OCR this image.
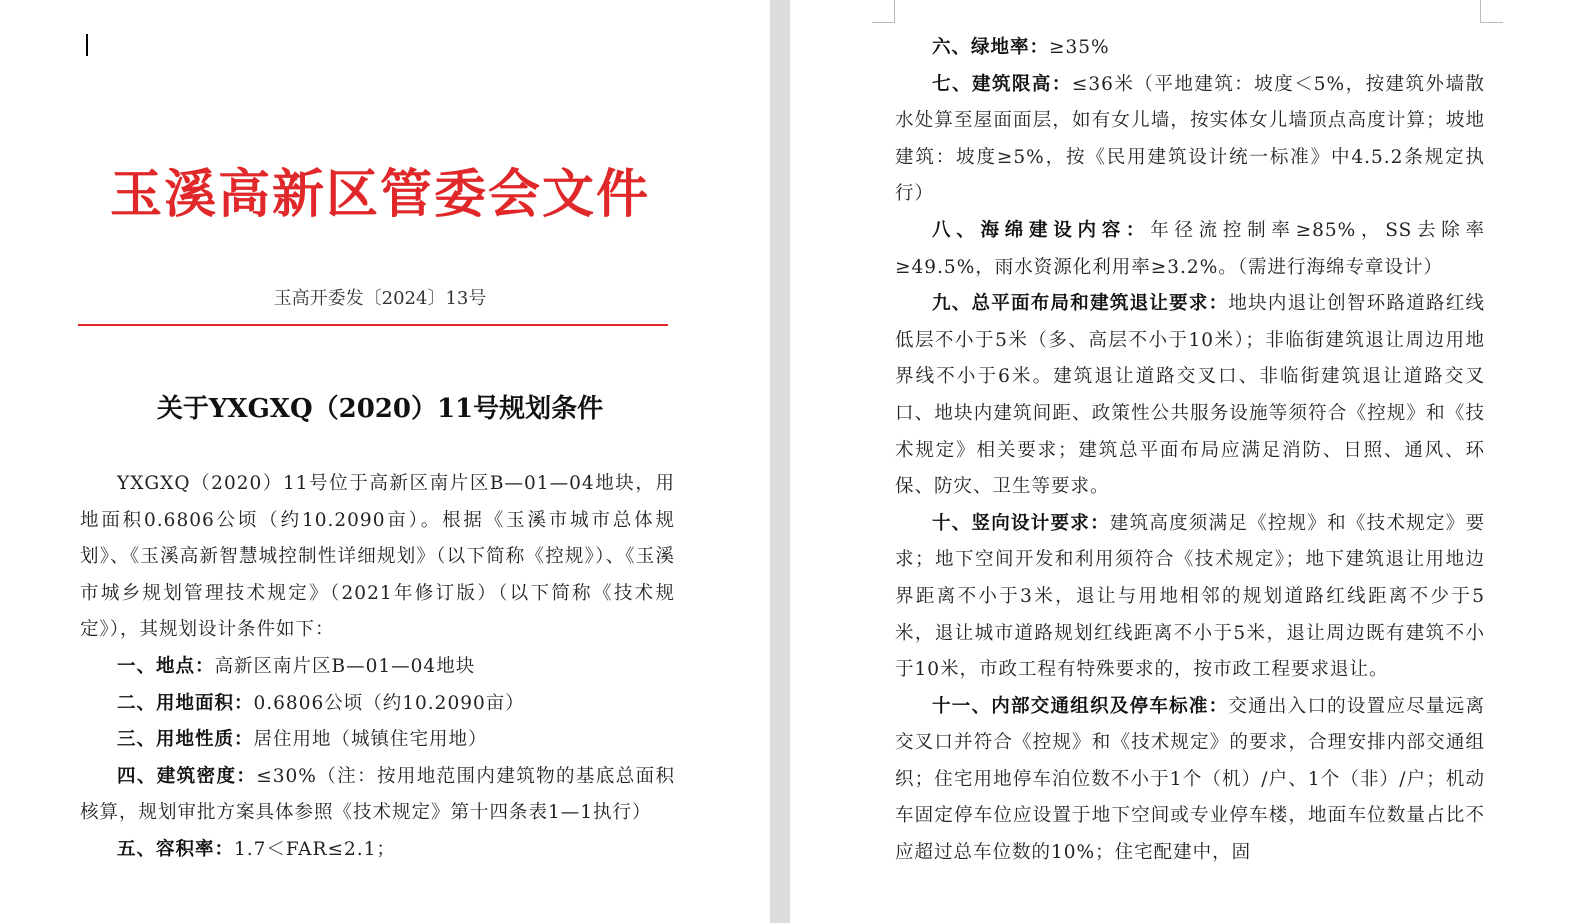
玉溪高新区管委会文件
玉高开委发〔2024〕13号
关于YXGXQ（2020）11号规划条件

YXGXQ（2020）11号位于高新区南片区B—01—04地块，用地面积0.6806公顷（约10.2090亩）。根据《玉溪市城市总体规划》、《玉溪高新智慧城控制性详细规划》（以下简称《控规》）、《玉溪市城乡规划管理技术规定》（2021年修订版）（以下简称《技术规定》），其规划设计条件如下：

一、地点：高新区南片区B—01—04地块

二、用地面积：0.6806公顷（约10.2090亩）

三、用地性质：居住用地（城镇住宅用地）

四、建筑密度：≤30%（注：按用地范围内建筑物的基底总面积核算，规划审批方案具体参照《技术规定》第十四条表1—1执行）

五、容积率：1.7＜FAR≤2.1；

六、绿地率：≥35%

七、建筑限高：≤36米（平地建筑：坡度＜5%，按建筑外墙散水处算至屋面面层，如有女儿墙，按实体女儿墙顶点高度计算；坡地建筑：坡度≥5%，按《民用建筑设计统一标准》中4.5.2条规定执行）

八、海绵建设内容：年径流控制率≥85%，SS去除率≥49.5%，雨水资源化利用率≥3.2%。（需进行海绵专章设计）

九、总平面布局和建筑退让要求：地块内退让创智环路道路红线低层不小于5米（多、高层不小于10米）；非临街建筑退让周边用地界线不小于6米。建筑退让道路交叉口、非临街建筑退让道路交叉口、地块内建筑间距、政策性公共服务设施等须符合《控规》和《技术规定》相关要求；建筑总平面布局应满足消防、日照、通风、环保、防灾、卫生等要求。

十、竖向设计要求：建筑高度须满足《控规》和《技术规定》要求；地下空间开发和利用须符合《技术规定》；地下建筑退让用地边界距离不小于3米，退让与用地相邻的规划道路红线距离不少于5米，退让城市道路规划红线距离不小于5米，退让周边既有建筑不小于10米，市政工程有特殊要求的，按市政工程要求退让。

十一、内部交通组织及停车标准：交通出入口的设置应尽量远离交叉口并符合《控规》和《技术规定》的要求，合理安排内部交通组织；住宅用地停车泊位数不小于1个（机）/户、1个（非）/户；机动车固定停车位应设置于地下空间或专业停车楼，地面车位数量占比不应超过总车位数的10%；住宅配建中，固
